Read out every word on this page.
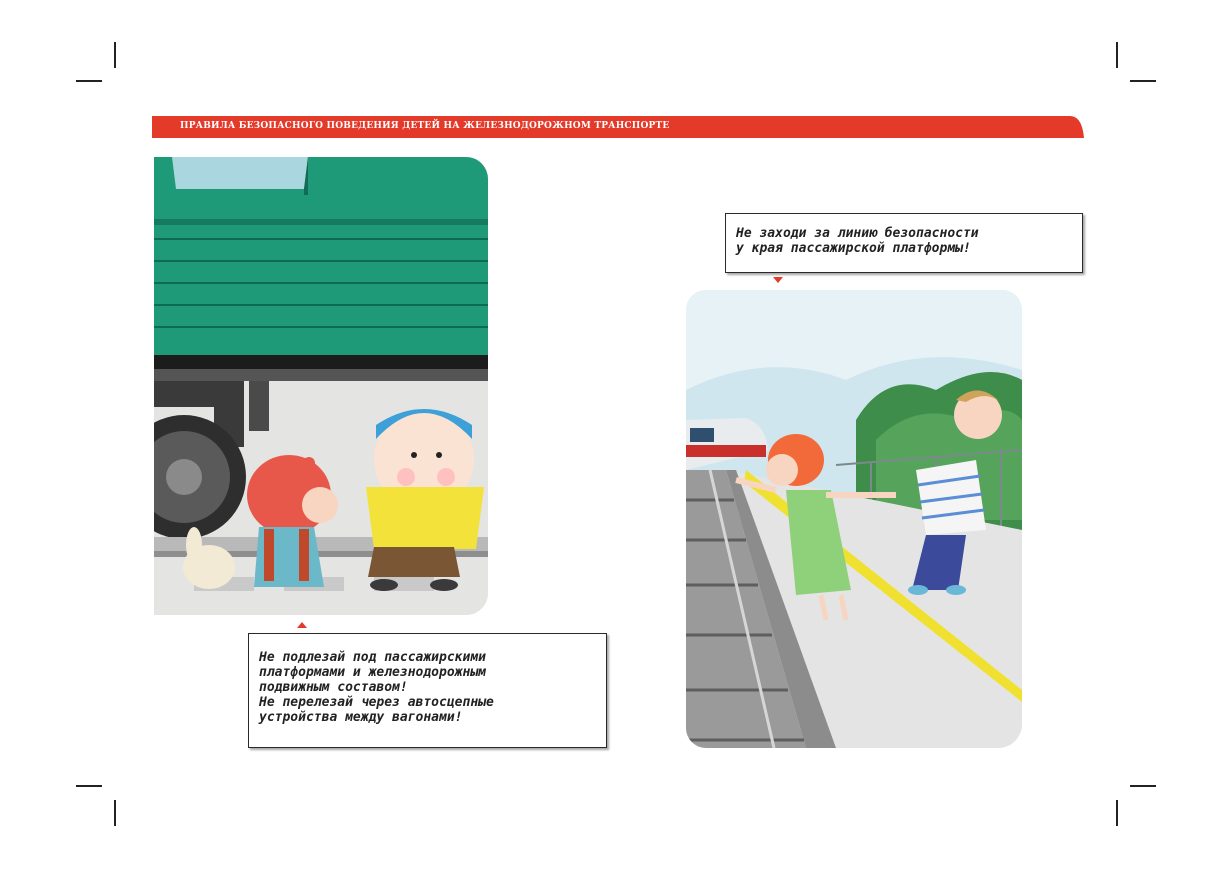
ПРАВИЛА БЕЗОПАСНОГО ПОВЕДЕНИЯ ДЕТЕЙ НА ЖЕЛЕЗНОДОРОЖНОМ ТРАНСПОРТЕ
Не подлезай под пассажирскими
платформами и железнодорожным
подвижным составом!
Не перелезай через автосцепные
устройства между вагонами!
Не заходи за линию безопасности
у края пассажирской платформы!
